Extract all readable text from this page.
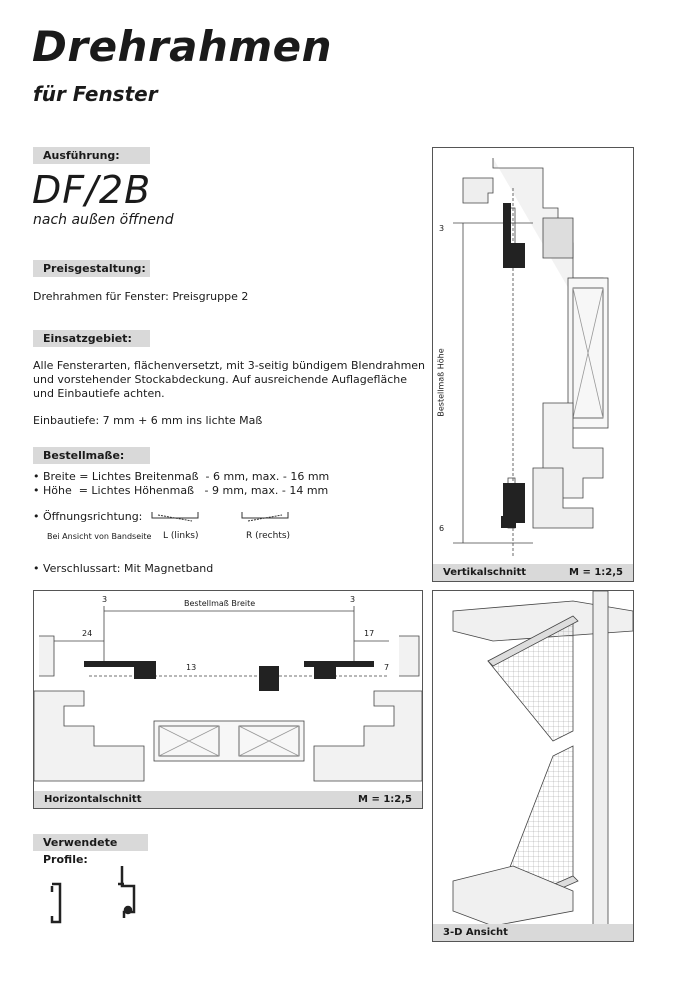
Drehrahmen
für Fenster
Ausführung:
DF/2B
nach außen öffnend
Preisgestaltung:
Drehrahmen für Fenster: Preisgruppe 2
Einsatzgebiet:
Alle Fensterarten, flächenversetzt, mit 3-seitig bündigem Blendrahmen
und vorstehender Stockabdeckung. Auf ausreichende Auflagefläche
und Einbautiefe achten.
Einbautiefe: 7 mm + 6 mm ins lichte Maß
Bestellmaße:
• Breite = Lichtes Breitenmaß  - 6 mm, max. - 16 mm
• Höhe  = Lichtes Höhenmaß   - 9 mm, max. - 14 mm
• Öffnungsrichtung:
Bei Ansicht von Bandseite L (links)	R (rechts)
• Verschlussart: Mit Magnetband
3
6
Bestellmaß Höhe
Vertikalschnitt	M = 1:2,5
3	3
Bestellmaß Breite
24	17
13	7
Horizontalschnitt	M = 1:2,5
3-D Ansicht
Verwendete Profile:
